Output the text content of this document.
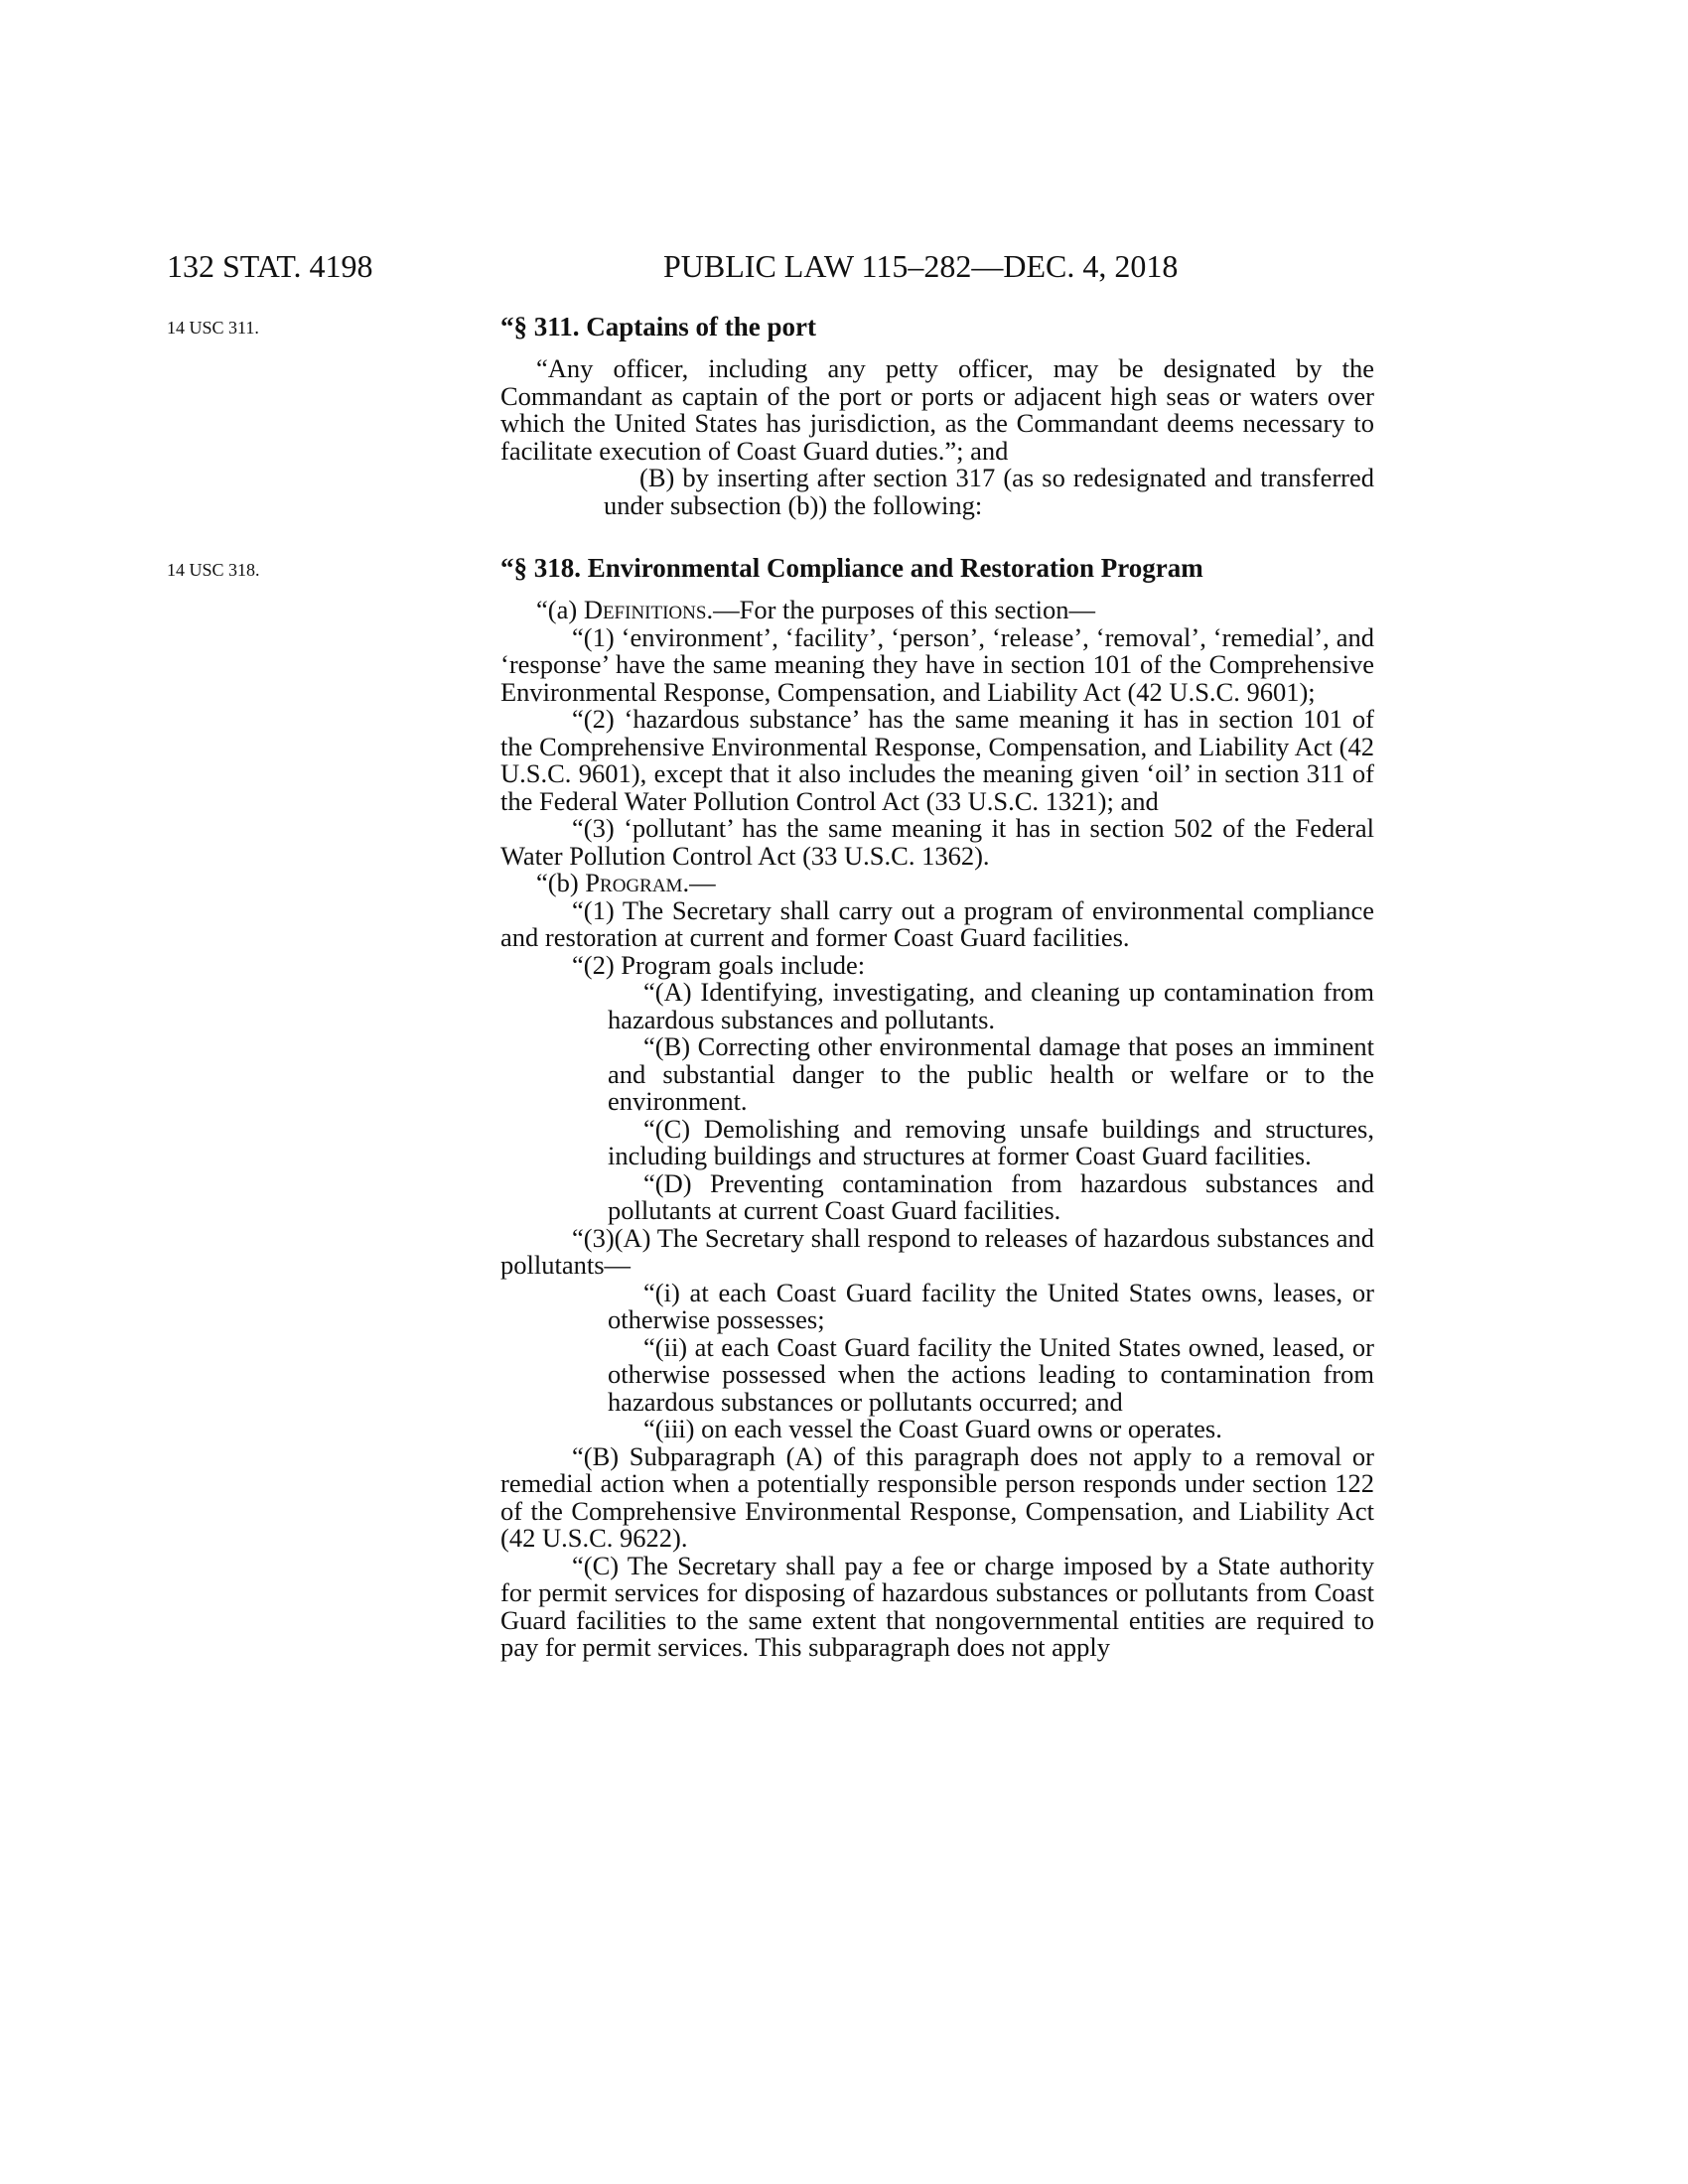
132 STAT. 4198	PUBLIC LAW 115–282—DEC. 4, 2018
14 USC 311.	“§ 311. Captains of the port

“Any officer, including any petty officer, may be designated by the Commandant as captain of the port or ports or adjacent high seas or waters over which the United States has jurisdiction, as the Commandant deems necessary to facilitate execution of Coast Guard duties.”; and

(B) by inserting after section 317 (as so redesignated and transferred under subsection (b)) the following:

14 USC 318.	“§ 318. Environmental Compliance and Restoration Program

“(a) Definitions.—For the purposes of this section—

“(1) ‘environment’, ‘facility’, ‘person’, ‘release’, ‘removal’, ‘remedial’, and ‘response’ have the same meaning they have in section 101 of the Comprehensive Environmental Response, Compensation, and Liability Act (42 U.S.C. 9601);

“(2) ‘hazardous substance’ has the same meaning it has in section 101 of the Comprehensive Environmental Response, Compensation, and Liability Act (42 U.S.C. 9601), except that it also includes the meaning given ‘oil’ in section 311 of the Federal Water Pollution Control Act (33 U.S.C. 1321); and

“(3) ‘pollutant’ has the same meaning it has in section 502 of the Federal Water Pollution Control Act (33 U.S.C. 1362).

“(b) Program.—

“(1) The Secretary shall carry out a program of environmental compliance and restoration at current and former Coast Guard facilities.

“(2) Program goals include:

“(A) Identifying, investigating, and cleaning up contamination from hazardous substances and pollutants.

“(B) Correcting other environmental damage that poses an imminent and substantial danger to the public health or welfare or to the environment.

“(C) Demolishing and removing unsafe buildings and structures, including buildings and structures at former Coast Guard facilities.

“(D) Preventing contamination from hazardous substances and pollutants at current Coast Guard facilities.

“(3)(A) The Secretary shall respond to releases of hazardous substances and pollutants—

“(i) at each Coast Guard facility the United States owns, leases, or otherwise possesses;

“(ii) at each Coast Guard facility the United States owned, leased, or otherwise possessed when the actions leading to contamination from hazardous substances or pollutants occurred; and

“(iii) on each vessel the Coast Guard owns or operates.

“(B) Subparagraph (A) of this paragraph does not apply to a removal or remedial action when a potentially responsible person responds under section 122 of the Comprehensive Environmental Response, Compensation, and Liability Act (42 U.S.C. 9622).

“(C) The Secretary shall pay a fee or charge imposed by a State authority for permit services for disposing of hazardous substances or pollutants from Coast Guard facilities to the same extent that nongovernmental entities are required to pay for permit services. This subparagraph does not apply
